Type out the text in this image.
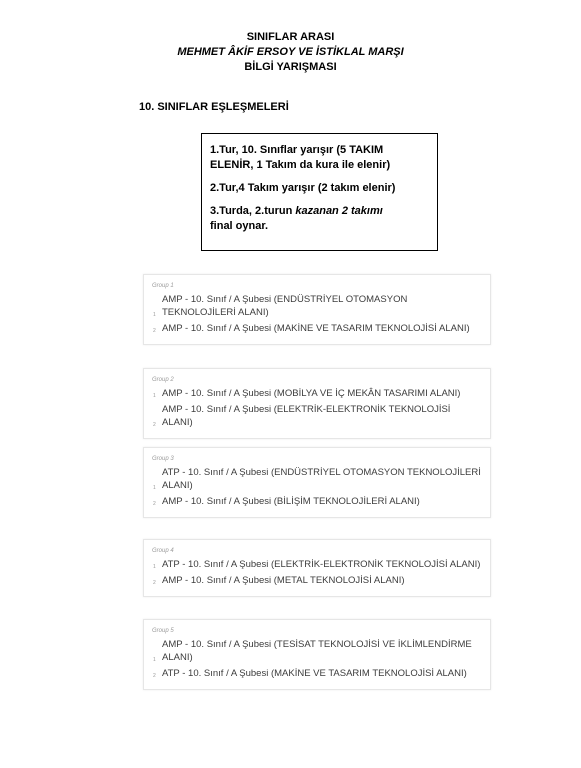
SINIFLAR ARASI
MEHMET ÂKİF ERSOY VE İSTİKLAL MARŞI
BİLGİ YARIŞMASI
10. SINIFLAR EŞLEŞMELERİ

1.Tur, 10. Sınıflar yarışır (5 TAKIM ELENİR, 1 Takım da kura ile elenir)

2.Tur,4 Takım yarışır (2 takım elenir)

3.Turda, 2.turun kazanan 2 takımı
final oynar.

Group 1
1
AMP - 10. Sınıf / A Şubesi (ENDÜSTRİYEL OTOMASYON TEKNOLOJİLERİ ALANI)
2 AMP - 10. Sınıf / A Şubesi (MAKİNE VE TASARIM TEKNOLOJİSİ ALANI)
Group 2
1 AMP - 10. Sınıf / A Şubesi (MOBİLYA VE İÇ MEKÂN TASARIMI ALANI)
2
AMP - 10. Sınıf / A Şubesi (ELEKTRİK-ELEKTRONİK TEKNOLOJİSİ ALANI)
Group 3
1
ATP - 10. Sınıf / A Şubesi (ENDÜSTRİYEL OTOMASYON TEKNOLOJİLERİ ALANI)
2 AMP - 10. Sınıf / A Şubesi (BİLİŞİM TEKNOLOJİLERİ ALANI)
Group 4
1 ATP - 10. Sınıf / A Şubesi (ELEKTRİK-ELEKTRONİK TEKNOLOJİSİ ALANI)
2 AMP - 10. Sınıf / A Şubesi (METAL TEKNOLOJİSİ ALANI)
Group 5
1
AMP - 10. Sınıf / A Şubesi (TESİSAT TEKNOLOJİSİ VE İKLİMLENDİRME ALANI)
2 ATP - 10. Sınıf / A Şubesi (MAKİNE VE TASARIM TEKNOLOJİSİ ALANI)
